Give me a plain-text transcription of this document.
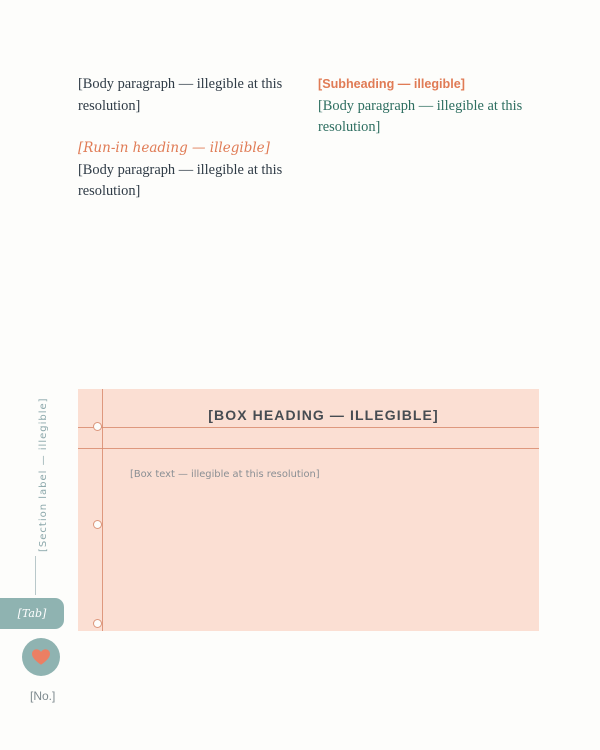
[Body paragraph — illegible at this resolution]

[Run-in heading — illegible] [Body paragraph — illegible at this resolution]

[Subheading — illegible]

[Body paragraph — illegible at this resolution]

[BOX HEADING — ILLEGIBLE]

[Box text — illegible at this resolution]

[Section label — illegible]
[Tab]
[No.]
